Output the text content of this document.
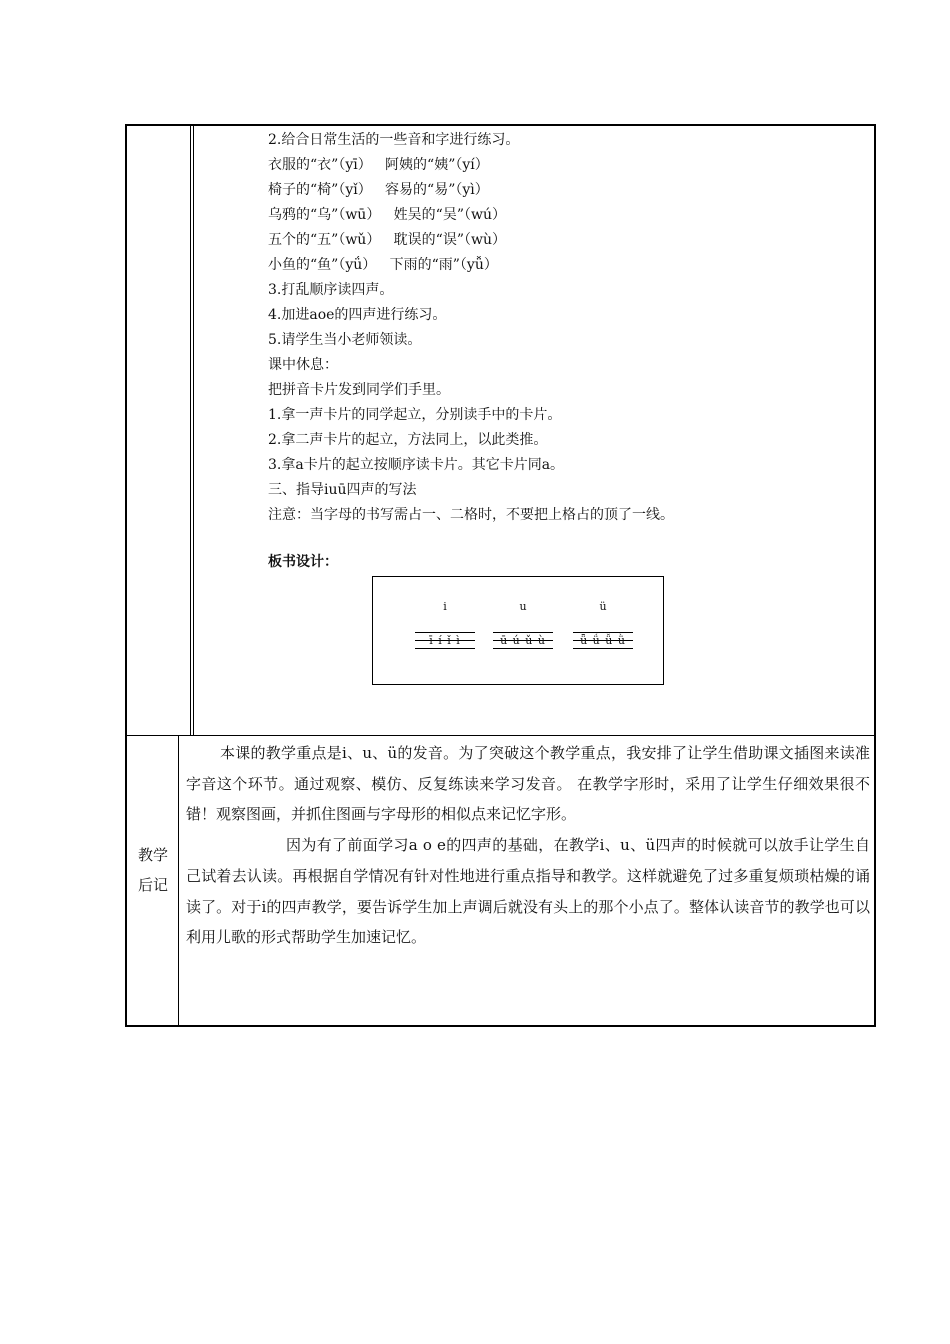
2.给合日常生活的一些音和字进行练习。
衣服的“衣”（yī）   阿姨的“姨”（yí）
椅子的“椅”（yǐ）   容易的“易”（yì）
乌鸦的“乌”（wū）   姓吴的“吴”（wú）
五个的“五”（wǔ）   耽误的“误”（wù）
小鱼的“鱼”（yǘ）   下雨的“雨”（yǚ）
3.打乱顺序读四声。
4.加进aoe的四声进行练习。
5.请学生当小老师领读。
课中休息：
把拼音卡片发到同学们手里。
1.拿一声卡片的同学起立，分别读手中的卡片。
2.拿二声卡片的起立，方法同上，以此类推。
3.拿a卡片的起立按顺序读卡片。其它卡片同a。
三、指导iuū四声的写法
注意：当字母的书写需占一、二格时，不要把上格占的顶了一线。
板书设计：
i
ī í ǐ ì
u
ū ú ǔ ù
ü
ǖ ǘ ǚ ǜ
教学
后记

本课的教学重点是i、u、ü的发音。为了突破这个教学重点，我安排了让学生借助课文插图来读准字音这个环节。通过观察、模仿、反复练读来学习发音。 在教学字形时，采用了让学生仔细效果很不错！观察图画，并抓住图画与字母形的相似点来记忆字形。

因为有了前面学习a o e的四声的基础，在教学i、u、ü四声的时候就可以放手让学生自己试着去认读。再根据自学情况有针对性地进行重点指导和教学。这样就避免了过多重复烦琐枯燥的诵读了。对于i的四声教学，要告诉学生加上声调后就没有头上的那个小点了。整体认读音节的教学也可以利用儿歌的形式帮助学生加速记忆。
